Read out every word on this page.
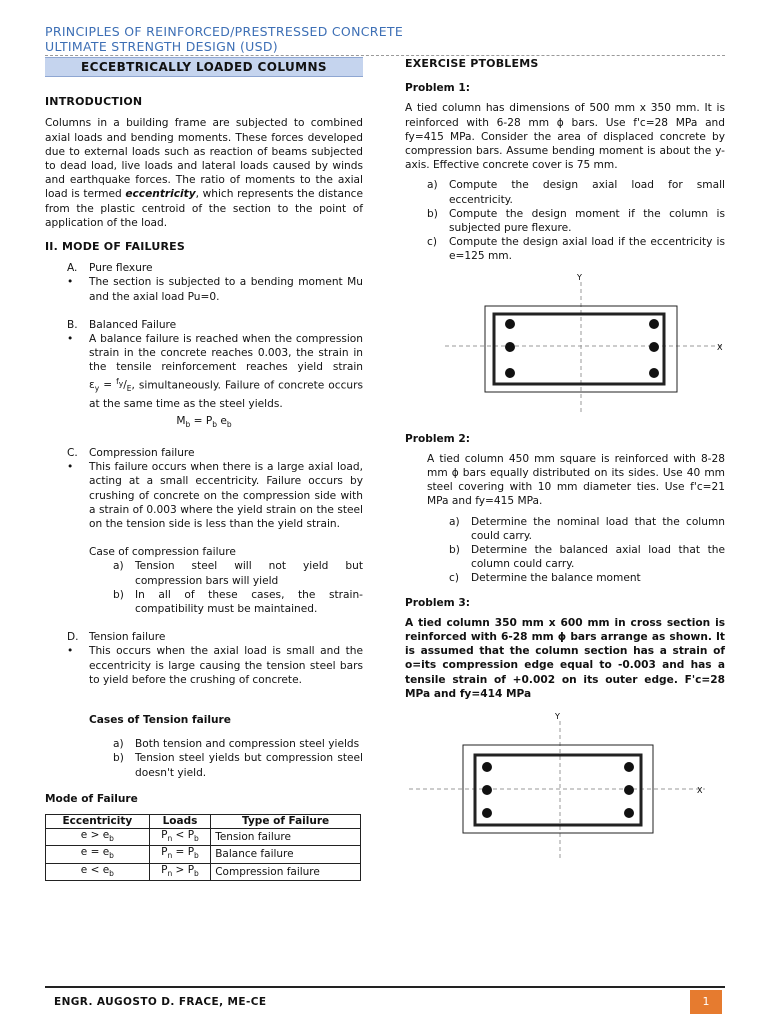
PRINCIPLES OF REINFORCED/PRESTRESSED CONCRETE
ULTIMATE STRENGTH DESIGN (USD)
ECCEBTRICALLY LOADED COLUMNS
INTRODUCTION

Columns in a building frame are subjected to combined axial loads and bending moments. These forces developed due to external loads such as reaction of beams subjected to dead load, live loads and lateral loads caused by winds and earthquake forces. The ratio of moments to the axial load is termed eccentricity, which represents the distance from the plastic centroid of the section to the point of application of the load.

II. MODE OF FAILURES
A.	Pure flexure
•	The section is subjected to a bending moment Mu and the axial load Pu=0.
B.	Balanced Failure
•	A balance failure is reached when the compression strain in the concrete reaches 0.003, the strain in the tensile reinforcement reaches yield strain $\varepsilon_y = ^{f_y}/_E$, simultaneously. Failure of concrete occurs at the same time as the steel yields.
$M_b = P_b$ $e_b$
C.	Compression failure
•	This failure occurs when there is a large axial load, acting at a small eccentricity. Failure occurs by crushing of concrete on the compression side with a strain of 0.003 where the yield strain on the steel on the tension side is less than the yield strain.
Case of compression failure
a)	Tension steel will not yield but compression bars will yield
b)	In all of these cases, the strain-compatibility must be maintained.
D. Tension failure
•	This occurs when the axial load is small and the eccentricity is large causing the tension steel bars to yield before the crushing of concrete.
Cases of Tension failure
a)	Both tension and compression steel yields
b)	Tension steel yields but compression steel doesn't yield.
Mode of Failure
Eccentricity	Loads	Type of Failure
$e > e_b$	$P_n < P_b$	Tension failure
$e = e_b$	$P_n = P_b$	Balance failure
$e < e_b$	$P_n > P_b$	Compression failure
EXERCISE PTOBLEMS
Problem 1:

A tied column has dimensions of 500 mm x 350 mm. It is reinforced with 6-28 mm ϕ bars. Use f'c=28 MPa and fy=415 MPa. Consider the area of displaced concrete by compression bars. Assume bending moment is about the y-axis. Effective concrete cover is 75 mm.

a)	Compute the design axial load for small eccentricity.
b)	Compute the design moment if the column is subjected pure flexure.
c)	Compute the design axial load if the eccentricity is e=125 mm.
Y
X
Problem 2:

A tied column 450 mm square is reinforced with 8-28 mm ϕ bars equally distributed on its sides. Use 40 mm steel covering with 10 mm diameter ties. Use f'c=21 MPa and fy=415 MPa.

a)	Determine the nominal load that the column could carry.
b)	Determine the balanced axial load that the column could carry.
c)	Determine the balance moment
Problem 3:

A tied column 350 mm x 600 mm in cross section is reinforced with 6-28 mm ϕ bars arrange as shown. It is assumed that the column section has a strain of o=its compression edge equal to -0.003 and has a tensile strain of +0.002 on its outer edge. F'c=28 MPa and fy=414 MPa

Y
X
ENGR. AUGOSTO D. FRACE, ME-CE	1
